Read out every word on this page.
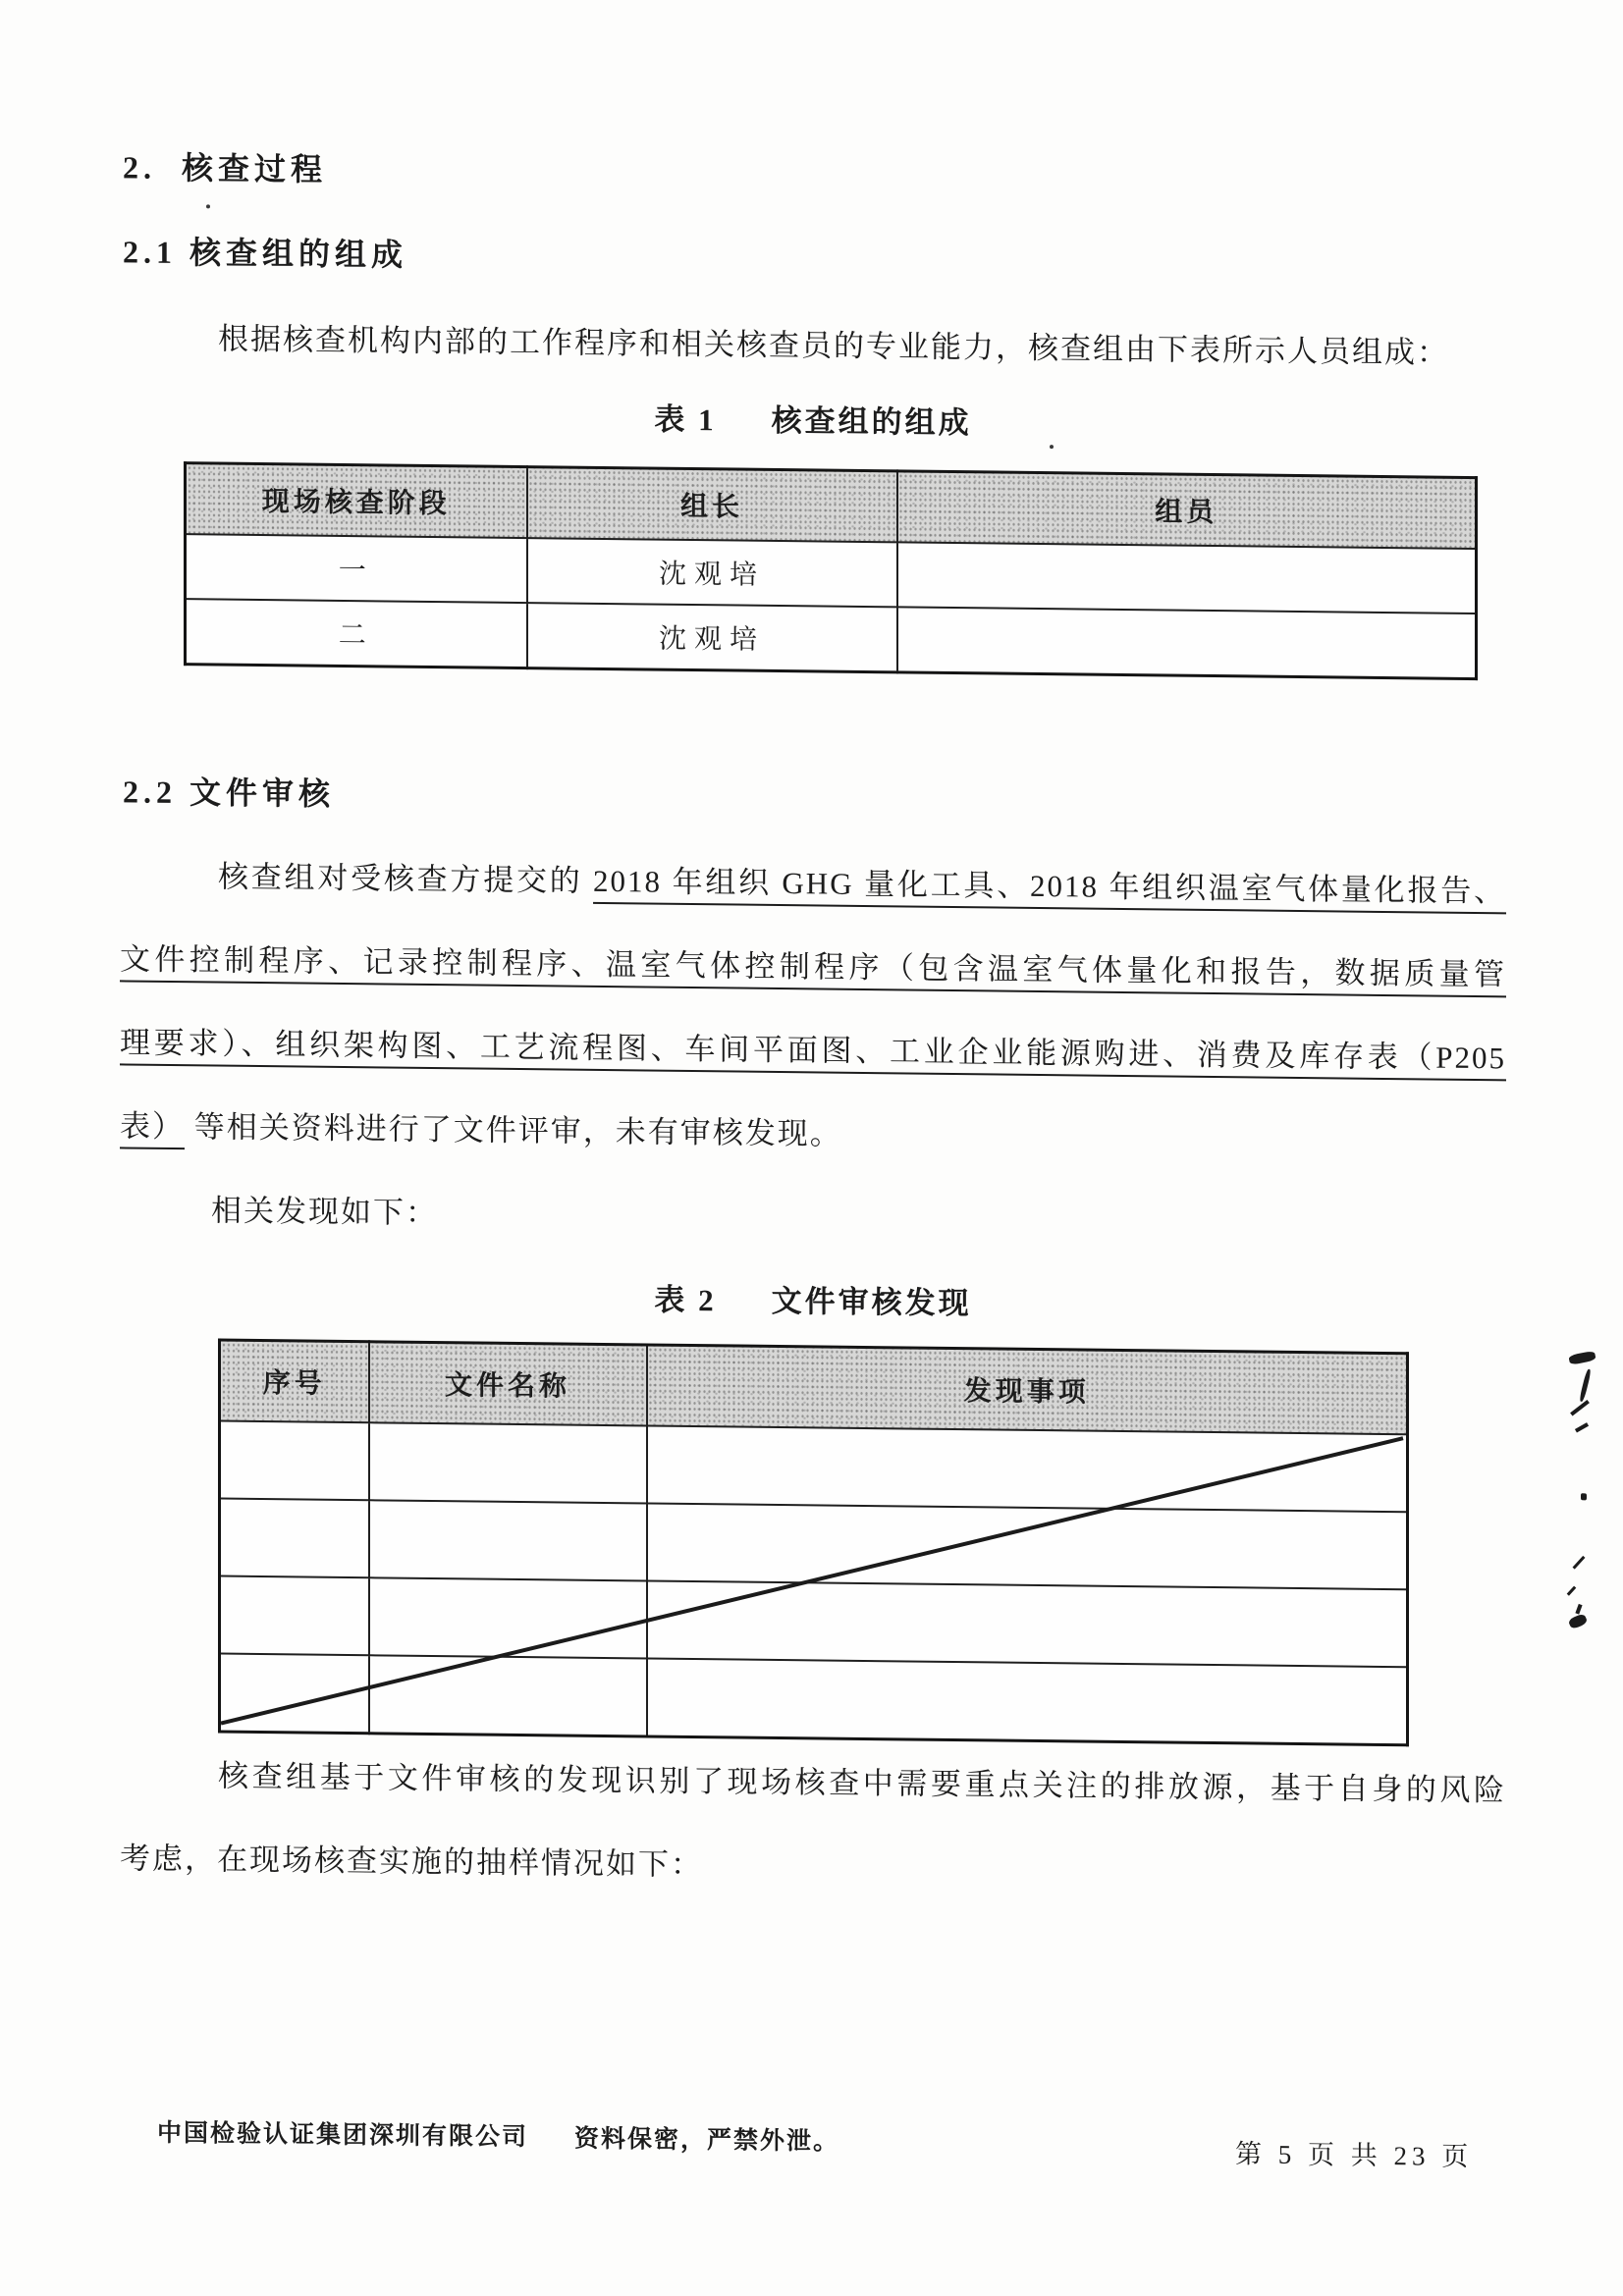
2.  核查过程
2.1 核查组的组成
根据核查机构内部的工作程序和相关核查员的专业能力，核查组由下表所示人员组成：
表 1 核查组的组成
现场核查阶段	组长	组员
一	沈观培	
二	沈观培	
2.2 文件审核
核查组对受核查方提交的 2018 年组织 GHG 量化工具、2018 年组织温室气体量化报告、
文件控制程序、记录控制程序、温室气体控制程序（包含温室气体量化和报告，数据质量管
理要求）、组织架构图、工艺流程图、车间平面图、工业企业能源购进、消费及库存表（P205
表） 等相关资料进行了文件评审，未有审核发现。
相关发现如下：
表 2 文件审核发现
序号	文件名称	发现事项

核查组基于文件审核的发现识别了现场核查中需要重点关注的排放源，基于自身的风险
考虑，在现场核查实施的抽样情况如下：
中国检验认证集团深圳有限公司 资料保密，严禁外泄。	第 5 页 共 23 页
